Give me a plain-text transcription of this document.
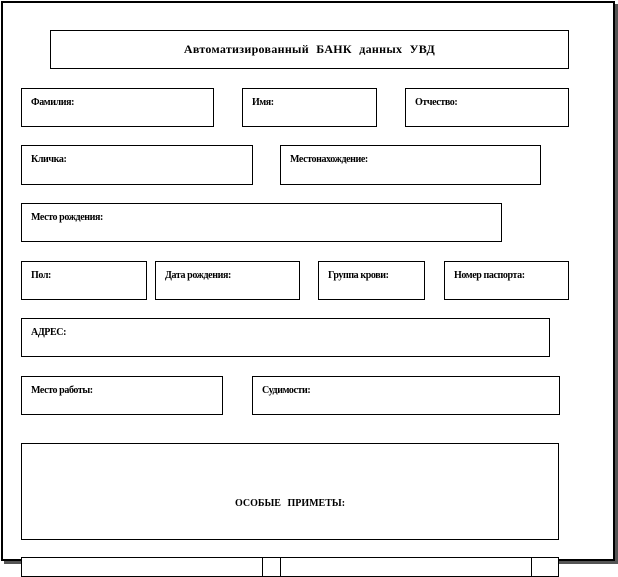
Автоматизированный БАНК данных УВД
Фамилия:	Имя:	Отчество:
Кличка:	Местонахождение:
Место рождения:
Пол:	Дата рождения:	Группа крови:	Номер паспорта:
АДРЕС:
Место работы:	Судимости:
ОСОБЫЕ ПРИМЕТЫ:
